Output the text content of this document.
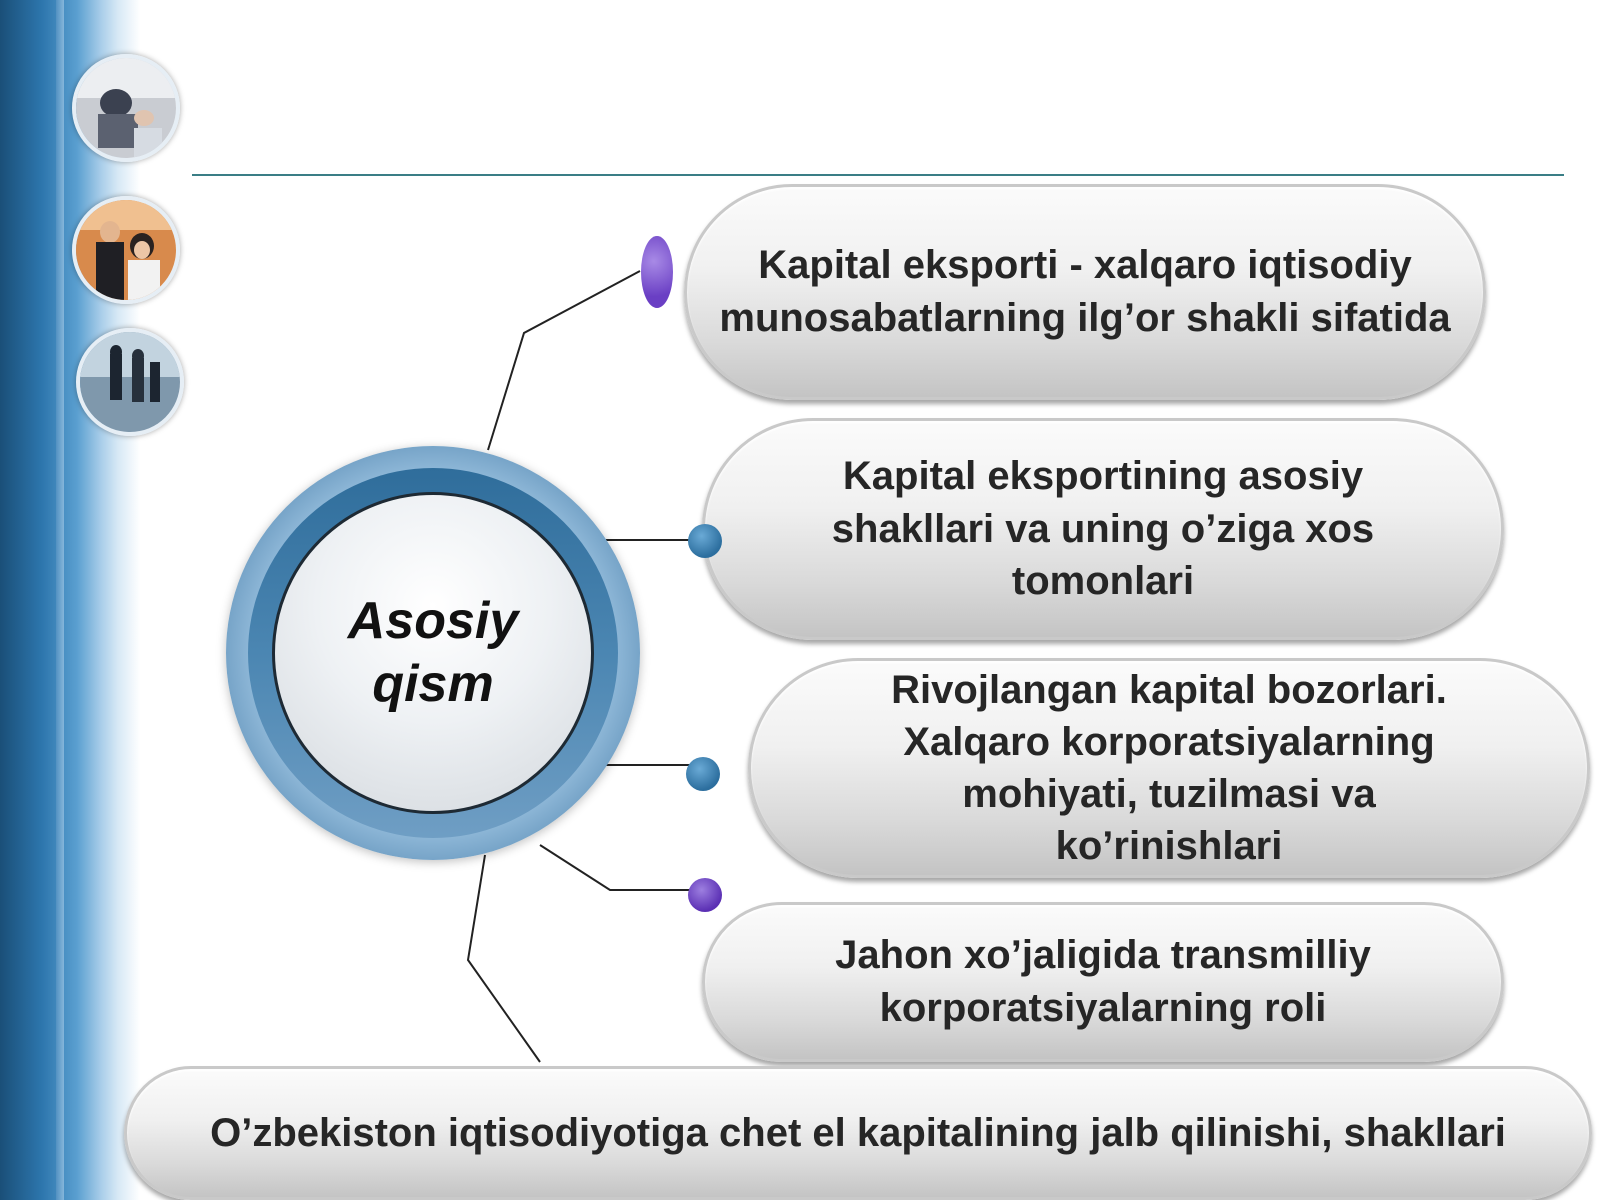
Asosiy qism
Kapital eksporti - xalqaro iqtisodiy munosabatlarning ilg’or shakli sifatida
Kapital eksportining asosiy shakllari va uning o’ziga xos tomonlari
Rivojlangan kapital bozorlari. Xalqaro korporatsiyalarning mohiyati, tuzilmasi va ko’rinishlari
Jahon xo’jaligida transmilliy korporatsiyalarning roli
O’zbekiston iqtisodiyotiga chet el kapitalining jalb qilinishi, shakllari
